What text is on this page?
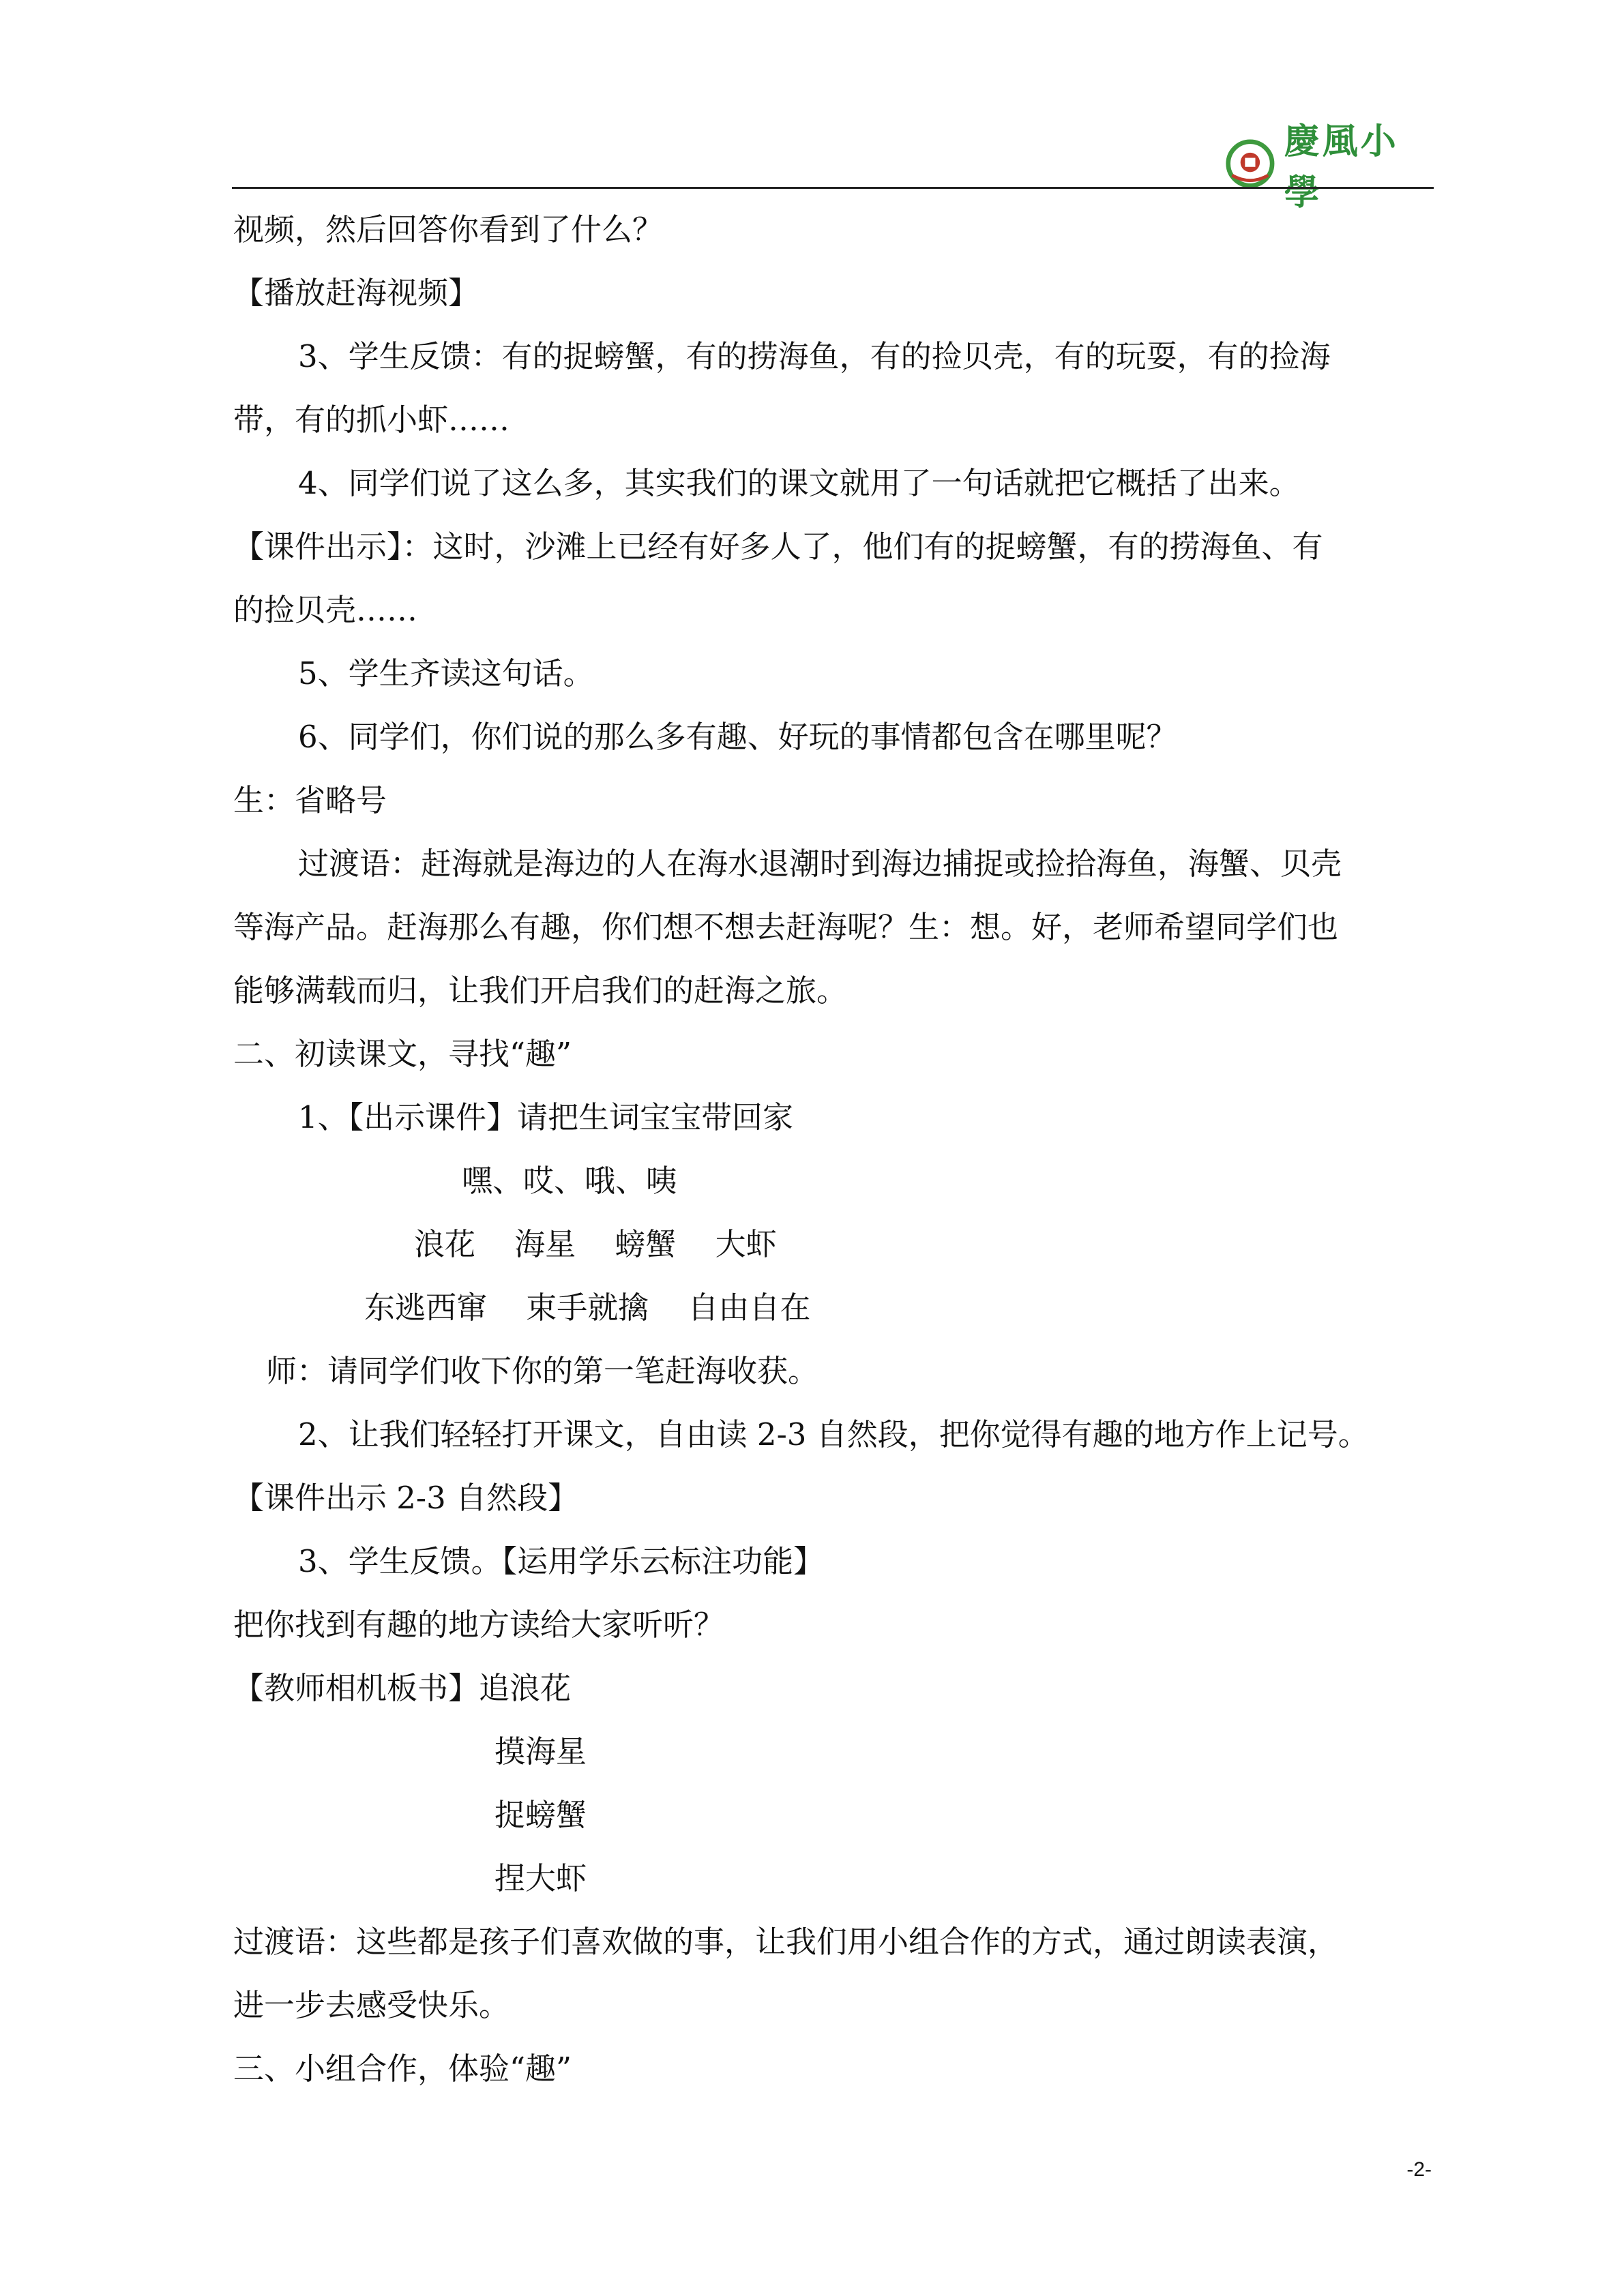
慶風小學
视频，然后回答你看到了什么？
【播放赶海视频】
3、学生反馈：有的捉螃蟹，有的捞海鱼，有的捡贝壳，有的玩耍，有的捡海
带，有的抓小虾……
4、同学们说了这么多，其实我们的课文就用了一句话就把它概括了出来。
【课件出示】：这时，沙滩上已经有好多人了，他们有的捉螃蟹，有的捞海鱼、有
的捡贝壳……
5、学生齐读这句话。
6、同学们，你们说的那么多有趣、好玩的事情都包含在哪里呢？
生：省略号
过渡语：赶海就是海边的人在海水退潮时到海边捕捉或捡拾海鱼，海蟹、贝壳
等海产品。赶海那么有趣，你们想不想去赶海呢？生：想。好，老师希望同学们也
能够满载而归，让我们开启我们的赶海之旅。
二、初读课文，寻找“趣”
1、【出示课件】请把生词宝宝带回家
嘿、哎、哦、咦
浪花    海星    螃蟹    大虾
东逃西窜    束手就擒    自由自在
师：请同学们收下你的第一笔赶海收获。
2、让我们轻轻打开课文，自由读 2-3 自然段，把你觉得有趣的地方作上记号。
【课件出示 2-3 自然段】
3、学生反馈。【运用学乐云标注功能】
把你找到有趣的地方读给大家听听？
【教师相机板书】追浪花
摸海星
捉螃蟹
捏大虾
过渡语：这些都是孩子们喜欢做的事，让我们用小组合作的方式，通过朗读表演，
进一步去感受快乐。
三、小组合作，体验“趣”
-2-
